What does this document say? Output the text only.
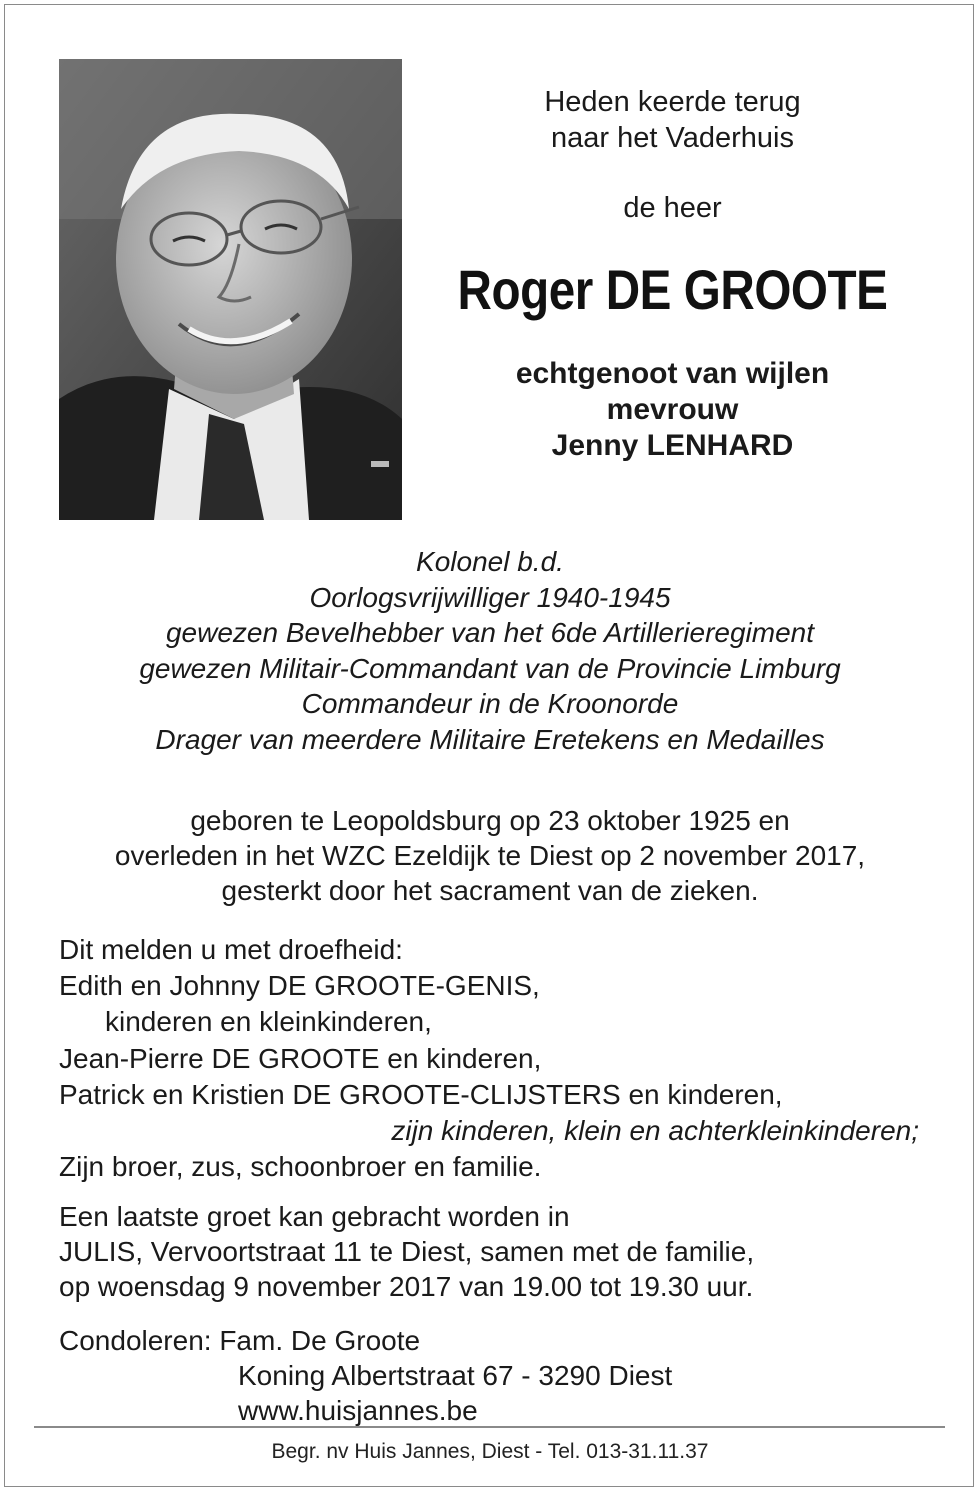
Heden keerde terug
naar het Vaderhuis
de heer
Roger DE GROOTE
echtgenoot van wijlen
mevrouw
Jenny LENHARD
Kolonel b.d.
Oorlogsvrijwilliger 1940-1945
gewezen Bevelhebber van het 6de Artillerieregiment
gewezen Militair-Commandant van de Provincie Limburg
Commandeur in de Kroonorde
Drager van meerdere Militaire Eretekens en Medailles
geboren te Leopoldsburg op 23 oktober 1925 en
overleden in het WZC Ezeldijk te Diest op 2 november 2017,
gesterkt door het sacrament van de zieken.
Dit melden u met droefheid:
Edith en Johnny DE GROOTE-GENIS,
kinderen en kleinkinderen,
Jean-Pierre DE GROOTE en kinderen,
Patrick en Kristien DE GROOTE-CLIJSTERS en kinderen,
zijn kinderen, klein en achterkleinkinderen;
Zijn broer, zus, schoonbroer en familie.
Een laatste groet kan gebracht worden in
JULIS, Vervoortstraat 11 te Diest, samen met de familie,
op woensdag 9 november 2017 van 19.00 tot 19.30 uur.
Condoleren: Fam. De Groote
Koning Albertstraat 67 - 3290 Diest
www.huisjannes.be
Begr. nv Huis Jannes, Diest - Tel. 013-31.11.37
